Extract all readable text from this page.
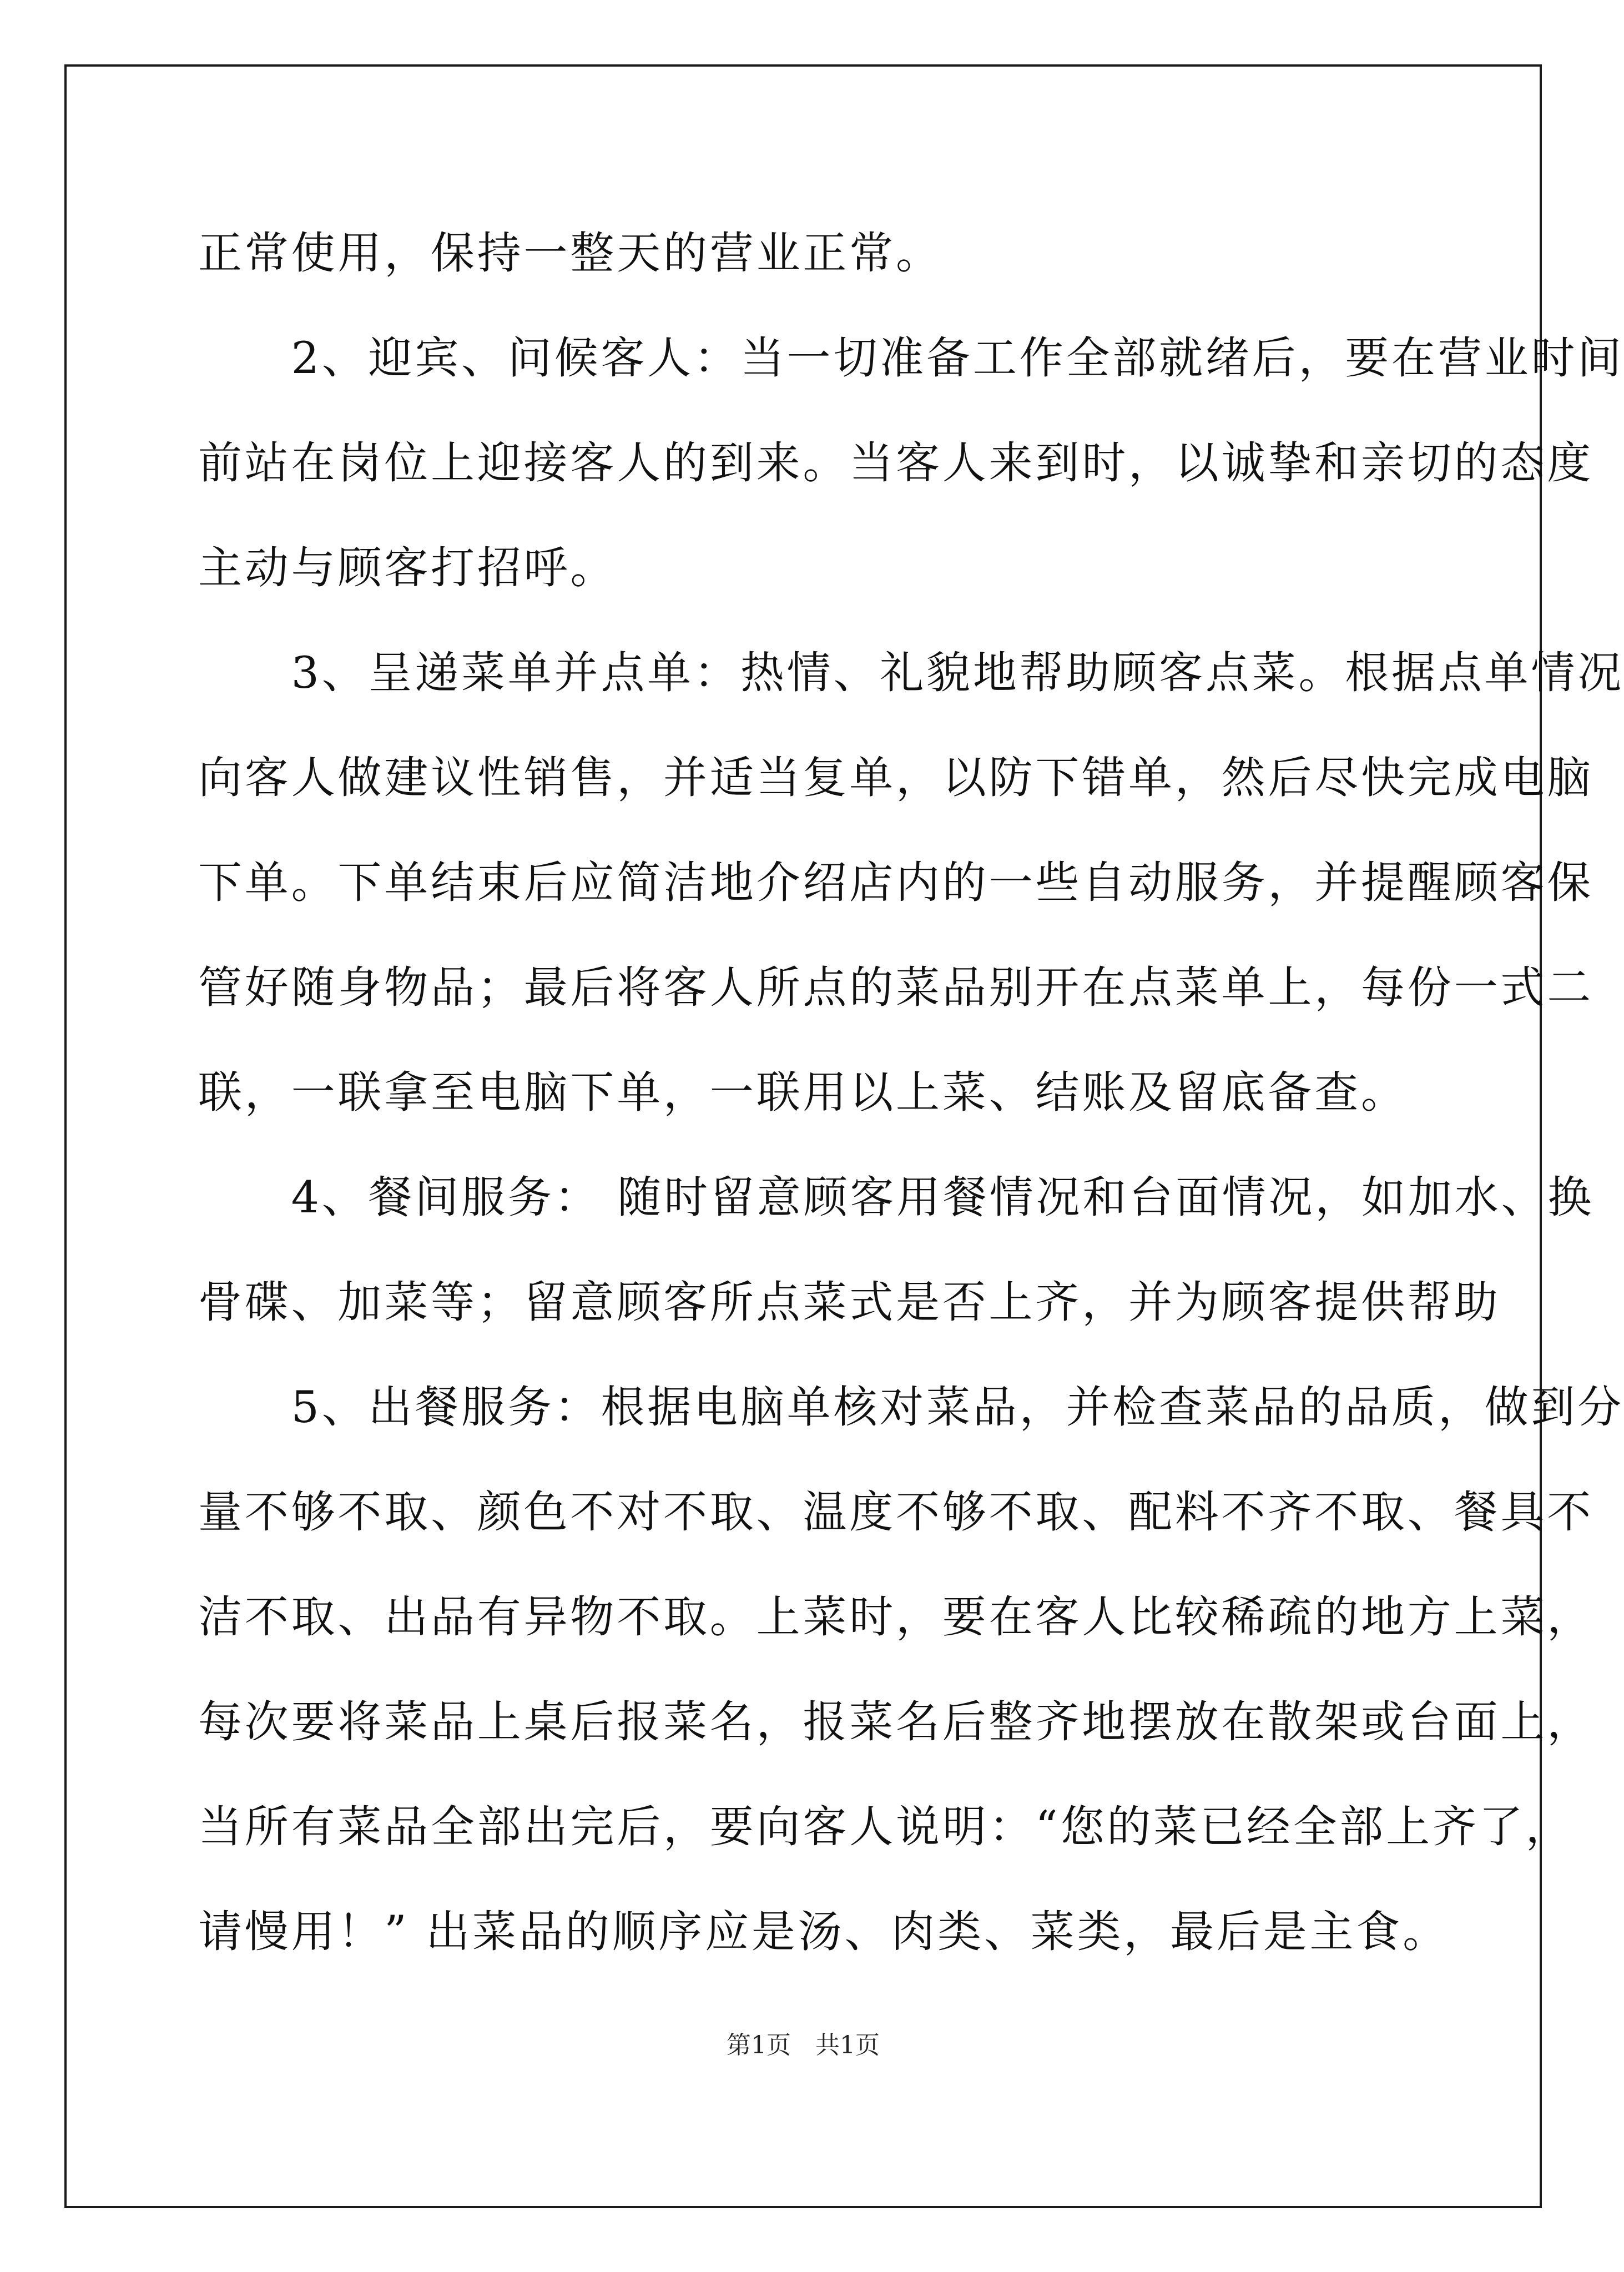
正常使用，保持一整天的营业正常。
　　2、迎宾、问候客人：当一切准备工作全部就绪后，要在营业时间
前站在岗位上迎接客人的到来。当客人来到时，以诚挚和亲切的态度
主动与顾客打招呼。
　　3、呈递菜单并点单：热情、礼貌地帮助顾客点菜。根据点单情况
向客人做建议性销售，并适当复单，以防下错单，然后尽快完成电脑
下单。下单结束后应简洁地介绍店内的一些自动服务，并提醒顾客保
管好随身物品；最后将客人所点的菜品别开在点菜单上，每份一式二
联，一联拿至电脑下单，一联用以上菜、结账及留底备查。
　　4、餐间服务： 随时留意顾客用餐情况和台面情况，如加水、换
骨碟、加菜等；留意顾客所点菜式是否上齐，并为顾客提供帮助
　　5、出餐服务：根据电脑单核对菜品，并检查菜品的品质，做到分
量不够不取、颜色不对不取、温度不够不取、配料不齐不取、餐具不
洁不取、出品有异物不取。上菜时，要在客人比较稀疏的地方上菜，
每次要将菜品上桌后报菜名，报菜名后整齐地摆放在散架或台面上，
当所有菜品全部出完后，要向客人说明：“您的菜已经全部上齐了，
请慢用！” 出菜品的顺序应是汤、肉类、菜类，最后是主食。
第1页　共1页
